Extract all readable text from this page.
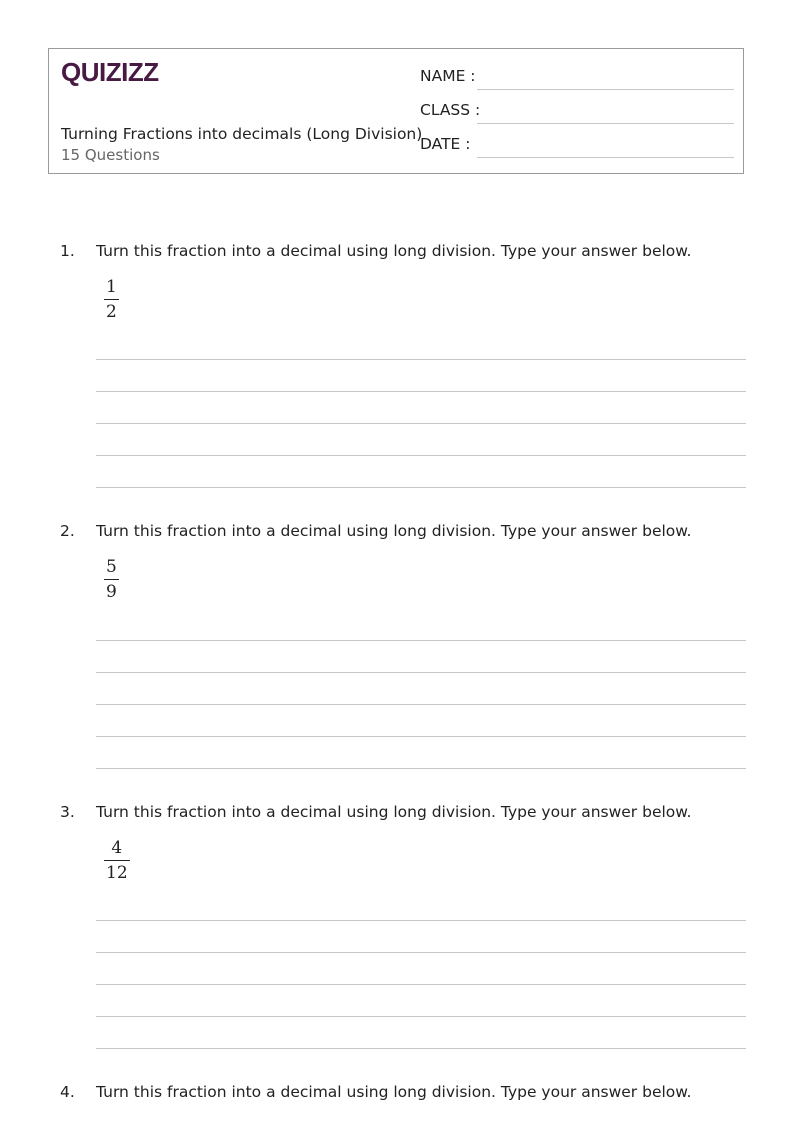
QUIZIZZ
Turning Fractions into decimals (Long Division)
15 Questions
NAME :
CLASS :
DATE :
1. Turn this fraction into a decimal using long division. Type your answer below.
1
2
2. Turn this fraction into a decimal using long division. Type your answer below.
5
9
3. Turn this fraction into a decimal using long division. Type your answer below.
4
12
4. Turn this fraction into a decimal using long division. Type your answer below.
